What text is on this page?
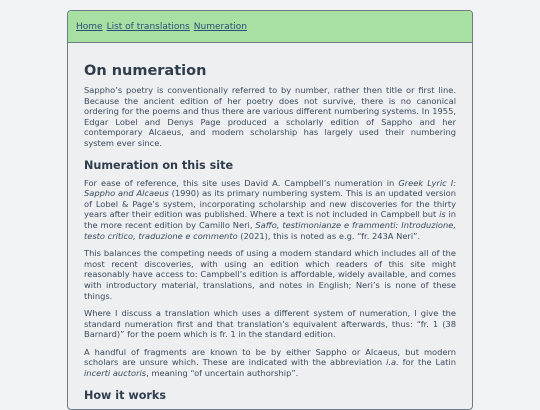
Home List of translations Numeration
On numeration

Sappho’s poetry is conventionally referred to by number, rather then title or first line. Because the ancient edition of her poetry does not survive, there is no canonical ordering for the poems and thus there are various different numbering systems. In 1955, Edgar Lobel and Denys Page produced a scholarly edition of Sappho and her contemporary Alcaeus, and modern scholarship has largely used their numbering system ever since.

Numeration on this site

For ease of reference, this site uses David A. Campbell’s numeration in Greek Lyric I: Sappho and Alcaeus (1990) as its primary numbering system. This is an updated version of Lobel & Page’s system, incorporating scholarship and new discoveries for the thirty years after their edition was published. Where a text is not included in Campbell but is in the more recent edition by Camillo Neri, Saffo, testimonianze e frammenti: Introduzione, testo critico, traduzione e commento (2021), this is noted as e.g. “fr. 243A Neri”.

This balances the competing needs of using a modern standard which includes all of the most recent discoveries, with using an edition which readers of this site might reasonably have access to: Campbell’s edition is affordable, widely available, and comes with introductory material, translations, and notes in English; Neri’s is none of these things.

Where I discuss a translation which uses a different system of numeration, I give the standard numeration first and that translation’s equivalent afterwards, thus: “fr. 1 (38 Barnard)” for the poem which is fr. 1 in the standard edition.

A handful of fragments are known to be by either Sappho or Alcaeus, but modern scholars are unsure which. These are indicated with the abbreviation i.a. for the Latin incerti auctoris, meaning “of uncertain authorship”.

How it works
